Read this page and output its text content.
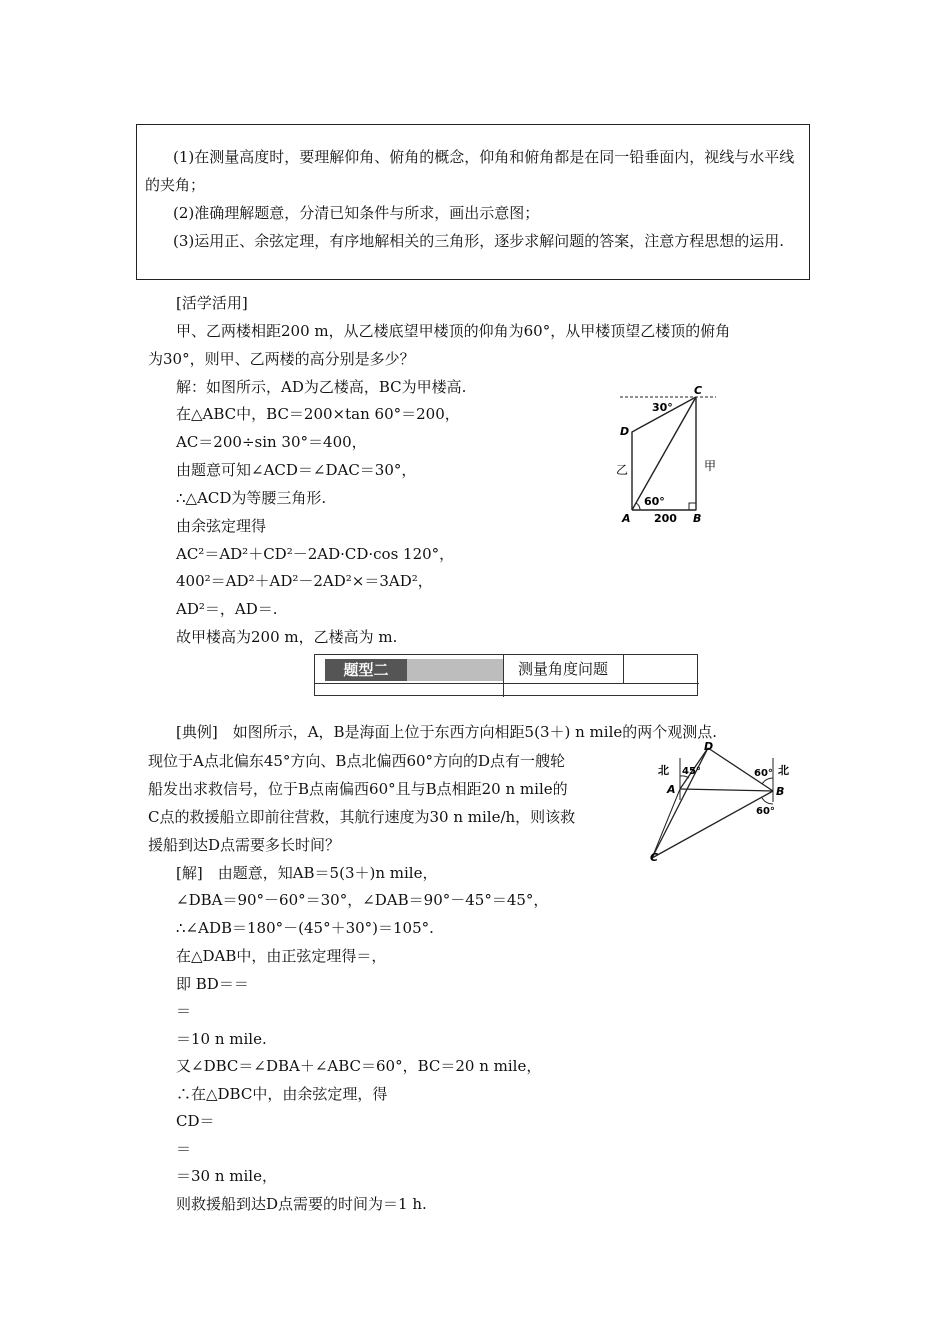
(1)在测量高度时，要理解仰角、俯角的概念，仰角和俯角都是在同一铅垂面内，视线与水平线的夹角；

(2)准确理解题意，分清已知条件与所求，画出示意图；

(3)运用正、余弦定理，有序地解相关的三角形，逐步求解问题的答案，注意方程思想的运用.

[活学活用]
甲、乙两楼相距200 m，从乙楼底望甲楼顶的仰角为60°，从甲楼顶望乙楼顶的俯角
为30°，则甲、乙两楼的高分别是多少？
解：如图所示，AD为乙楼高，BC为甲楼高.
在△ABC中，BC＝200×tan 60°＝200，
AC＝200÷sin 30°＝400，
由题意可知∠ACD＝∠DAC＝30°，
∴△ACD为等腰三角形.
由余弦定理得
AC²＝AD²＋CD²－2AD·CD·cos 120°，
400²＝AD²＋AD²－2AD²×＝3AD²，
AD²＝，AD＝.
故甲楼高为200 m，乙楼高为 m.
C
D
A	B
30°
60°
200
乙	甲
题型二	测量角度问题
[典例]　如图所示，A，B是海面上位于东西方向相距5(3＋) n mile的两个观测点.
现位于A点北偏东45°方向、B点北偏西60°方向的D点有一艘轮
船发出求救信号，位于B点南偏西60°且与B点相距20 n mile的
C点的救援船立即前往营救，其航行速度为30 n mile/h，则该救
援船到达D点需要多长时间？
D
A	B
C
北	北
45°	60°
60°
[解]　由题意，知AB＝5(3＋)n mile，
∠DBA＝90°－60°＝30°，∠DAB＝90°－45°＝45°，
∴∠ADB＝180°－(45°＋30°)＝105°.
在△DAB中，由正弦定理得＝，
即 BD＝＝
＝
＝10 n mile.
又∠DBC＝∠DBA＋∠ABC＝60°，BC＝20 n mile，
∴在△DBC中，由余弦定理，得
CD＝
＝
＝30 n mile，
则救援船到达D点需要的时间为＝1 h.
